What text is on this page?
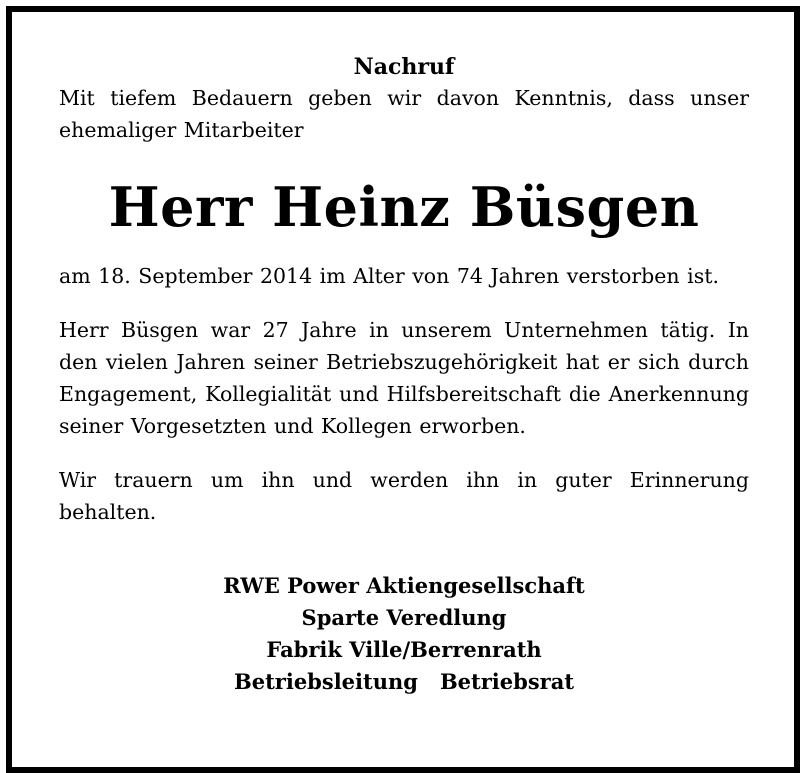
Nachruf

Mit tiefem Bedauern geben wir davon Kenntnis, dass unser ehemaliger Mitarbeiter

Herr Heinz Büsgen

am 18. September 2014 im Alter von 74 Jahren verstorben ist.

Herr Büsgen war 27 Jahre in unserem Unternehmen tätig. In den vielen Jahren seiner Betriebszugehörigkeit hat er sich durch Engagement, Kollegialität und Hilfsbereitschaft die Anerkennung seiner Vorgesetzten und Kollegen erworben.

Wir trauern um ihn und werden ihn in guter Erinnerung behalten.

RWE Power Aktiengesellschaft
Sparte Veredlung
Fabrik Ville/Berrenrath
Betriebsleitung Betriebsrat
